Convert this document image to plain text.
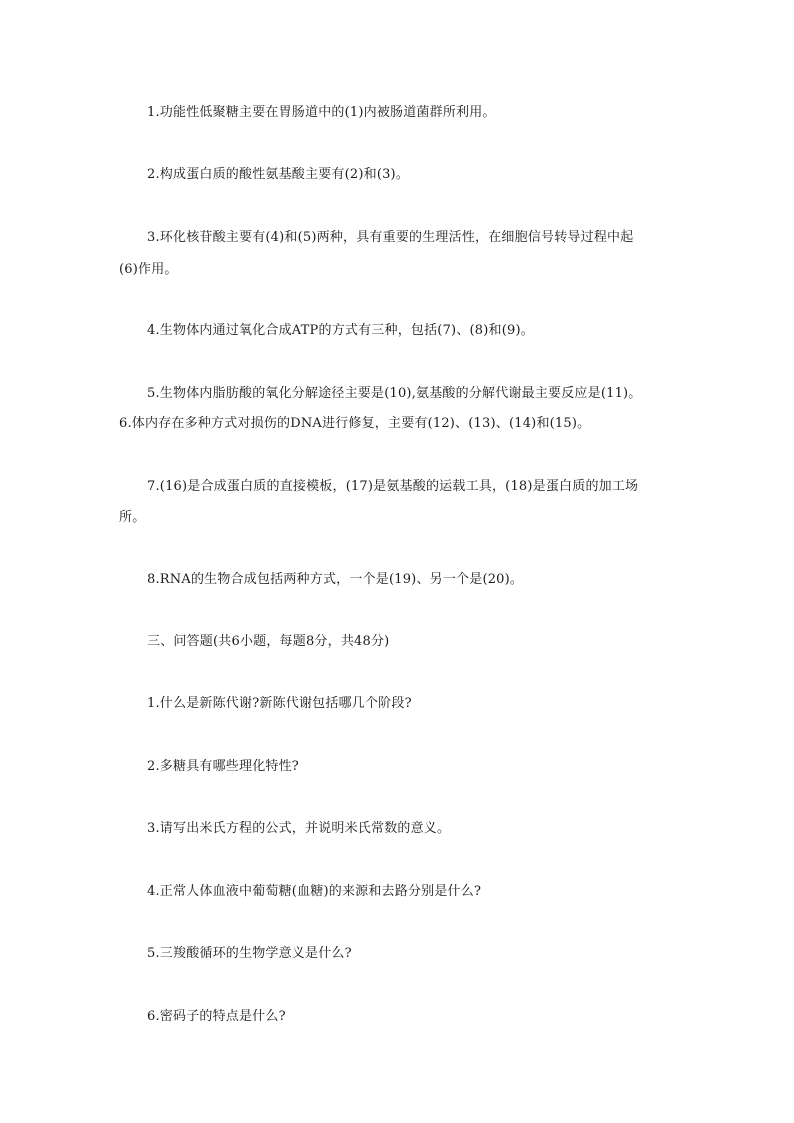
1.功能性低聚糖主要在胃肠道中的(1)内被肠道菌群所利用。
2.构成蛋白质的酸性氨基酸主要有(2)和(3)。
3.环化核苷酸主要有(4)和(5)两种，具有重要的生理活性，在细胞信号转导过程中起
(6)作用。
4.生物体内通过氧化合成ATP的方式有三种，包括(7)、(8)和(9)。
5.生物体内脂肪酸的氧化分解途径主要是(10),氨基酸的分解代谢最主要反应是(11)。
6.体内存在多种方式对损伤的DNA进行修复，主要有(12)、(13)、(14)和(15)。
7.(16)是合成蛋白质的直接模板，(17)是氨基酸的运载工具，(18)是蛋白质的加工场
所。
8.RNA的生物合成包括两种方式，一个是(19)、另一个是(20)。
三、问答题(共6小题，每题8分，共48分)
1.什么是新陈代谢?新陈代谢包括哪几个阶段?
2.多糖具有哪些理化特性?
3.请写出米氏方程的公式，并说明米氏常数的意义。
4.正常人体血液中葡萄糖(血糖)的来源和去路分别是什么?
5.三羧酸循环的生物学意义是什么?
6.密码子的特点是什么?
